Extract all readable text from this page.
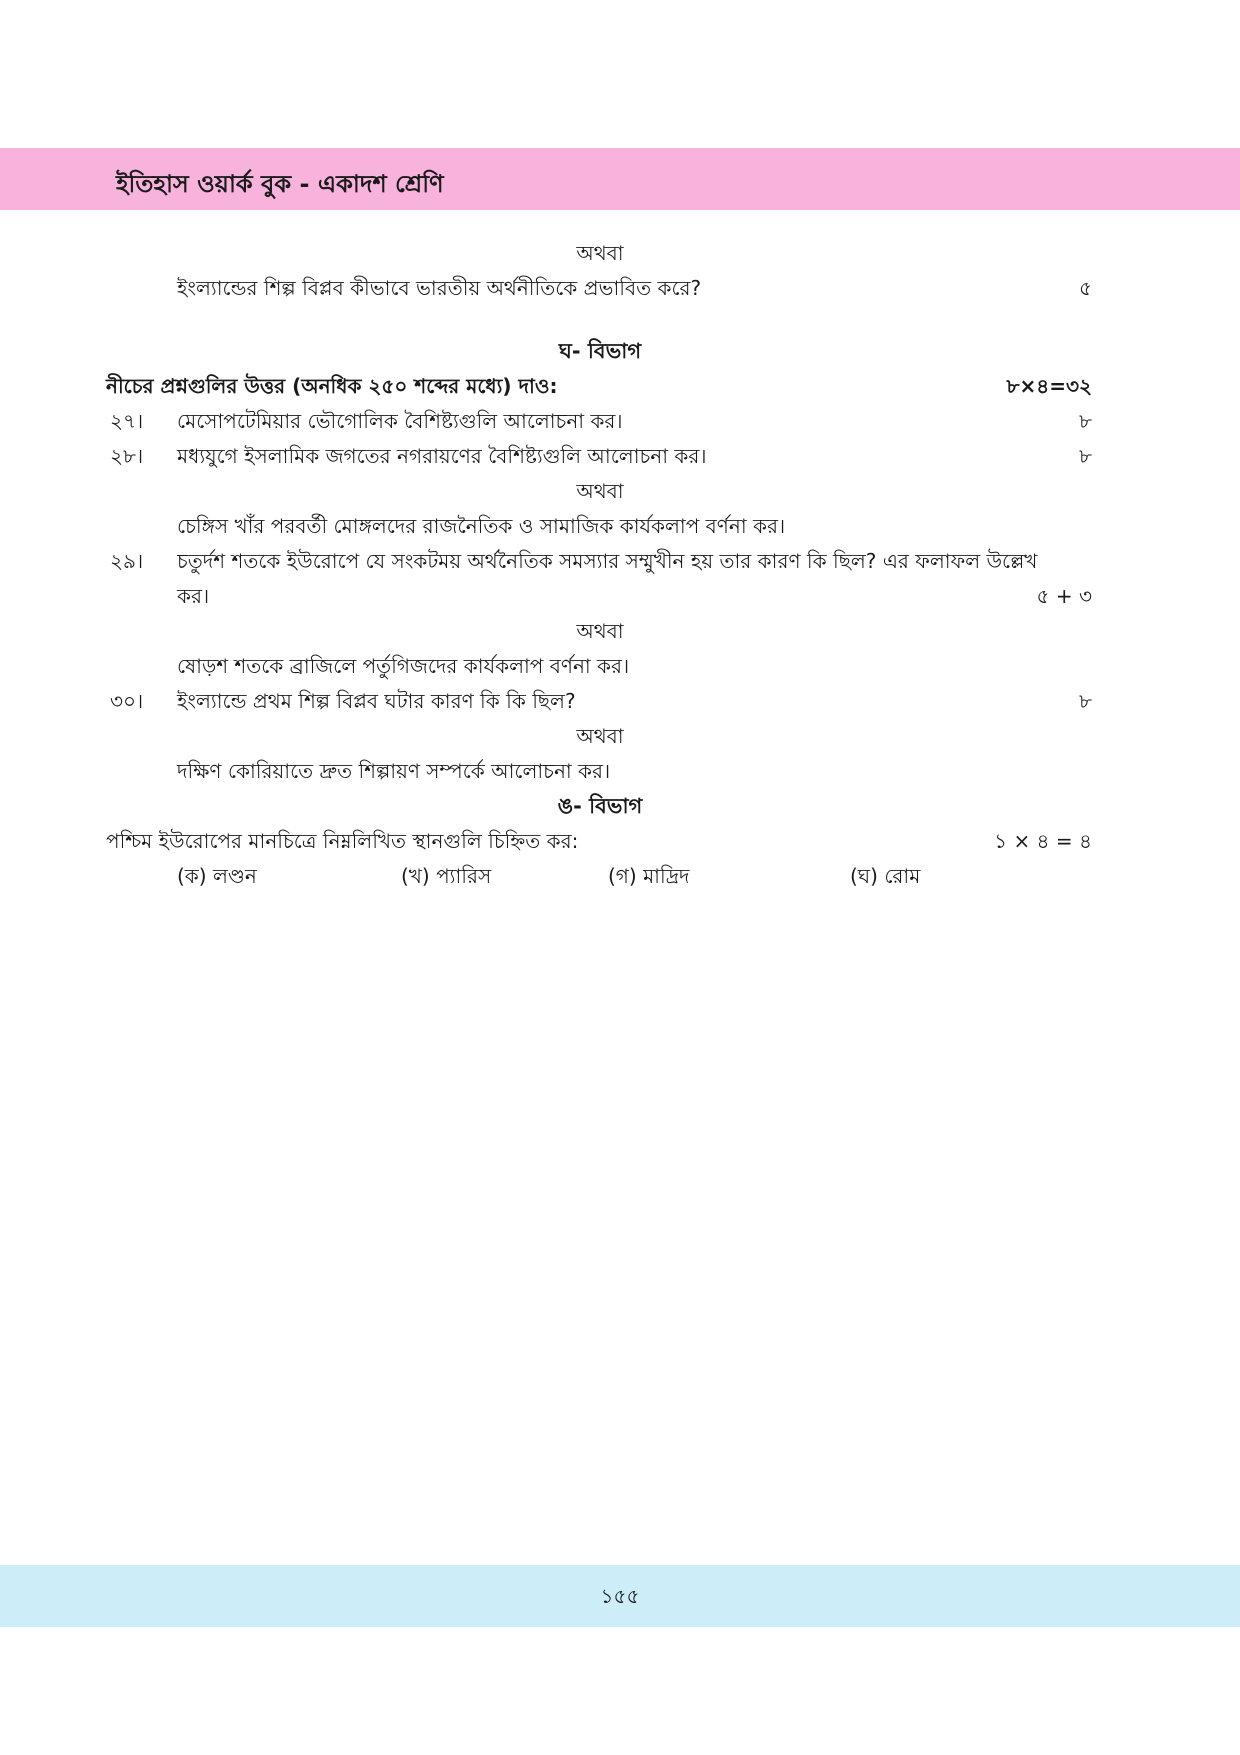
ইতিহাস ওয়ার্ক বুক - একাদশ শ্রেণি
অথবা
ইংল্যান্ডের শিল্প বিপ্লব কীভাবে ভারতীয় অর্থনীতিকে প্রভাবিত করে?	৫
ঘ- বিভাগ
নীচের প্রশ্নগুলির উত্তর (অনধিক ২৫০ শব্দের মধ্যে) দাও:	৮×৪=৩২
২৭। মেসোপটেমিয়ার ভৌগোলিক বৈশিষ্ট্যগুলি আলোচনা কর।	৮
২৮। মধ্যযুগে ইসলামিক জগতের নগরায়ণের বৈশিষ্ট্যগুলি আলোচনা কর।	৮
অথবা
চেঙ্গিস খাঁর পরবর্তী মোঙ্গলদের রাজনৈতিক ও সামাজিক কার্যকলাপ বর্ণনা কর।
২৯। চতুর্দশ শতকে ইউরোপে যে সংকটময় অর্থনৈতিক সমস্যার সম্মুখীন হয় তার কারণ কি ছিল? এর ফলাফল উল্লেখ
কর।	৫ + ৩
অথবা
ষোড়শ শতকে ব্রাজিলে পর্তুগিজদের কার্যকলাপ বর্ণনা কর।
৩০। ইংল্যান্ডে প্রথম শিল্প বিপ্লব ঘটার কারণ কি কি ছিল?	৮
অথবা
দক্ষিণ কোরিয়াতে দ্রুত শিল্পায়ণ সম্পর্কে আলোচনা কর।
ঙ- বিভাগ
পশ্চিম ইউরোপের মানচিত্রে নিম্নলিখিত স্থানগুলি চিহ্নিত কর:	১ × ৪ = ৪
(ক) লণ্ডন	(খ) প্যারিস	(গ) মাদ্রিদ	(ঘ) রোম
১৫৫
